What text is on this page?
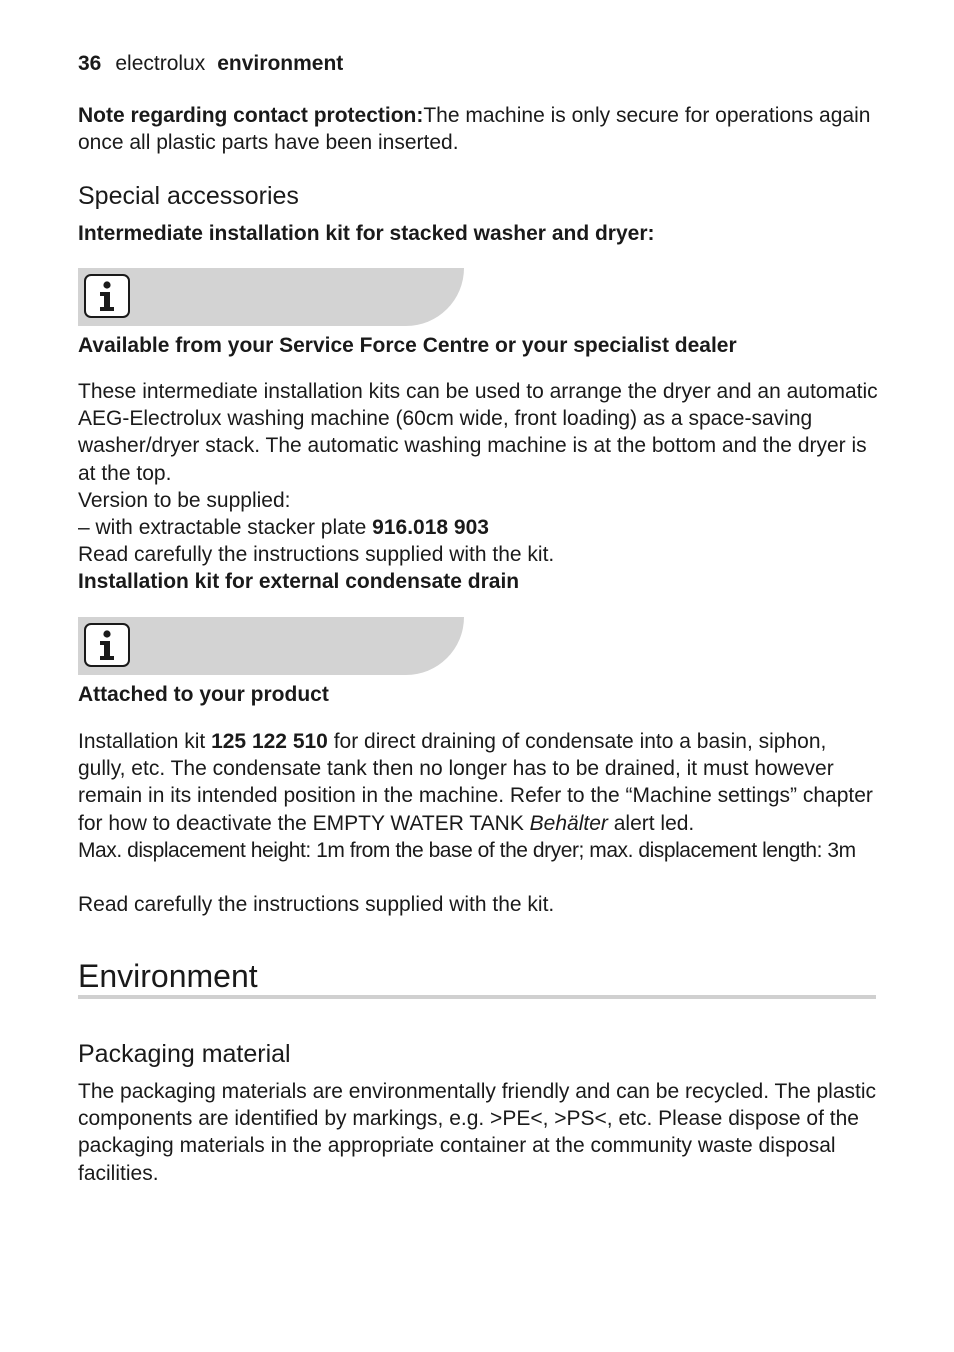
36 electrolux environment
Note regarding contact protection:The machine is only secure for operations again once all plastic parts have been inserted.
Special accessories
Intermediate installation kit for stacked washer and dryer:
Available from your Service Force Centre or your specialist dealer
These intermediate installation kits can be used to arrange the dryer and an automatic AEG-Electrolux washing machine (60cm wide, front loading) as a space-saving washer/dryer stack. The automatic washing machine is at the bottom and the dryer is at the top.
Version to be supplied:
– with extractable stacker plate 916.018 903
Read carefully the instructions supplied with the kit.
Installation kit for external condensate drain
Attached to your product
Installation kit 125 122 510 for direct draining of condensate into a basin, siphon, gully, etc. The condensate tank then no longer has to be drained, it must however remain in its intended position in the machine. Refer to the “Machine settings” chapter for how to deactivate the EMPTY WATER TANK Behälter alert led.
Max. displacement height: 1m from the base of the dryer; max. displacement length: 3m
Read carefully the instructions supplied with the kit.
Environment
Packaging material
The packaging materials are environmentally friendly and can be recycled. The plastic components are identified by markings, e.g. >PE<, >PS<, etc. Please dispose of the packaging materials in the appropriate container at the community waste disposal facilities.
